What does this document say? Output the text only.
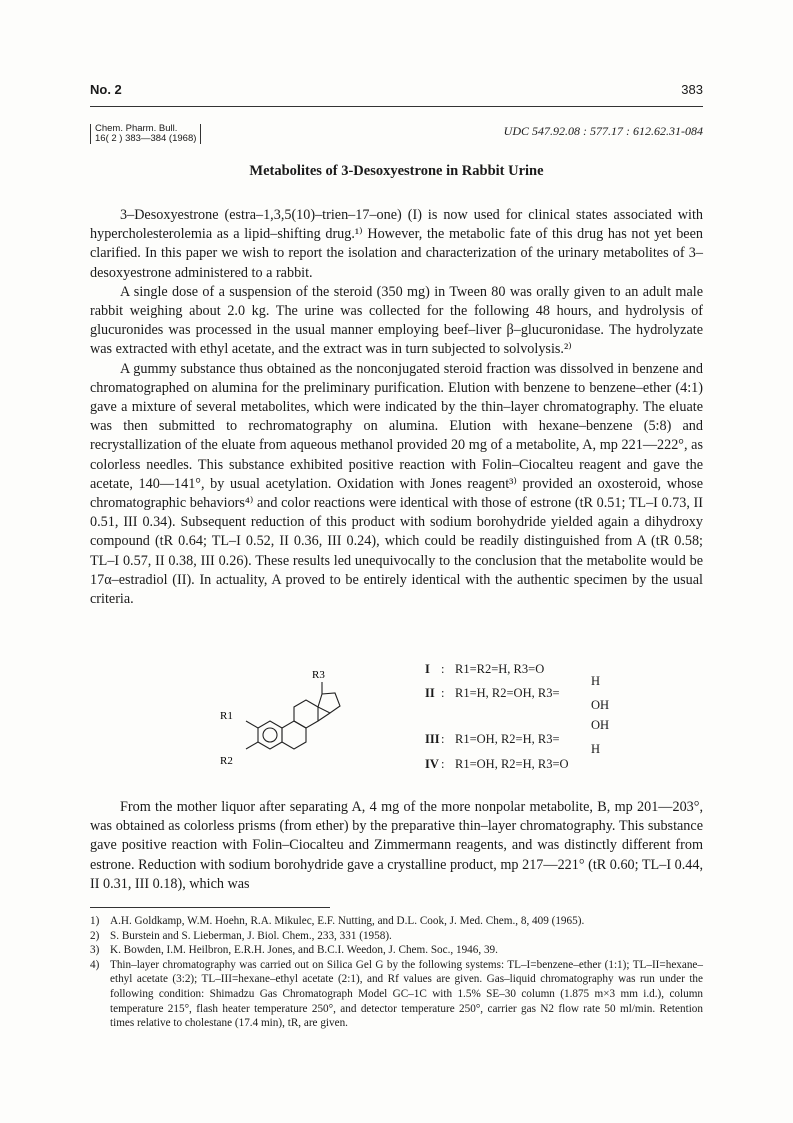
No. 2	383
Chem. Pharm. Bull.
16( 2 ) 383—384 (1968)
UDC 547.92.08 : 577.17 : 612.62.31-084
Metabolites of 3-Desoxyestrone in Rabbit Urine

3–Desoxyestrone (estra–1,3,5(10)–trien–17–one) (I) is now used for clinical states associated with hypercholesterolemia as a lipid–shifting drug.¹⁾ However, the metabolic fate of this drug has not yet been clarified. In this paper we wish to report the isolation and characterization of the urinary metabolites of 3–desoxyestrone administered to a rabbit.

A single dose of a suspension of the steroid (350 mg) in Tween 80 was orally given to an adult male rabbit weighing about 2.0 kg. The urine was collected for the following 48 hours, and hydrolysis of glucuronides was processed in the usual manner employing beef–liver β–glucuronidase. The hydrolyzate was extracted with ethyl acetate, and the extract was in turn subjected to solvolysis.²⁾

A gummy substance thus obtained as the nonconjugated steroid fraction was dissolved in benzene and chromatographed on alumina for the preliminary purification. Elution with benzene to benzene–ether (4:1) gave a mixture of several metabolites, which were indicated by the thin–layer chromatography. The eluate was then submitted to rechromatography on alumina. Elution with hexane–benzene (5:8) and recrystallization of the eluate from aqueous methanol provided 20 mg of a metabolite, A, mp 221—222°, as colorless needles. This substance exhibited positive reaction with Folin–Ciocalteu reagent and gave the acetate, 140—141°, by usual acetylation. Oxidation with Jones reagent³⁾ provided an oxosteroid, whose chromatographic behaviors⁴⁾ and color reactions were identical with those of estrone (tR 0.51; TL–I 0.73, II 0.51, III 0.34). Subsequent reduction of this product with sodium borohydride yielded again a dihydroxy compound (tR 0.64; TL–I 0.52, II 0.36, III 0.24), which could be readily distinguished from A (tR 0.58; TL–I 0.57, II 0.38, III 0.26). These results led unequivocally to the conclusion that the metabolite would be 17α–estradiol (II). In actuality, A proved to be entirely identical with the authentic specimen by the usual criteria.

R3
R1
R2
I : R1=R2=H, R3=O
II : R1=H, R2=OH, R3=
H
OH
III: R1=OH, R2=H, R3=
OH
H
IV : R1=OH, R2=H, R3=O

From the mother liquor after separating A, 4 mg of the more nonpolar metabolite, B, mp 201—203°, was obtained as colorless prisms (from ether) by the preparative thin–layer chromatography. This substance gave positive reaction with Folin–Ciocalteu and Zimmermann reagents, and was distinctly different from estrone. Reduction with sodium borohydride gave a crystalline product, mp 217—221° (tR 0.60; TL–I 0.44, II 0.31, III 0.18), which was

1) A.H. Goldkamp, W.M. Hoehn, R.A. Mikulec, E.F. Nutting, and D.L. Cook, J. Med. Chem., 8, 409 (1965).
2) S. Burstein and S. Lieberman, J. Biol. Chem., 233, 331 (1958).
3) K. Bowden, I.M. Heilbron, E.R.H. Jones, and B.C.I. Weedon, J. Chem. Soc., 1946, 39.
4) Thin–layer chromatography was carried out on Silica Gel G by the following systems: TL–I=benzene–ether (1:1); TL–II=hexane–ethyl acetate (3:2); TL–III=hexane–ethyl acetate (2:1), and Rf values are given. Gas–liquid chromatography was run under the following condition: Shimadzu Gas Chromatograph Model GC–1C with 1.5% SE–30 column (1.875 m×3 mm i.d.), column temperature 215°, flash heater temperature 250°, and detector temperature 250°, carrier gas N2 flow rate 50 ml/min. Retention times relative to cholestane (17.4 min), tR, are given.
